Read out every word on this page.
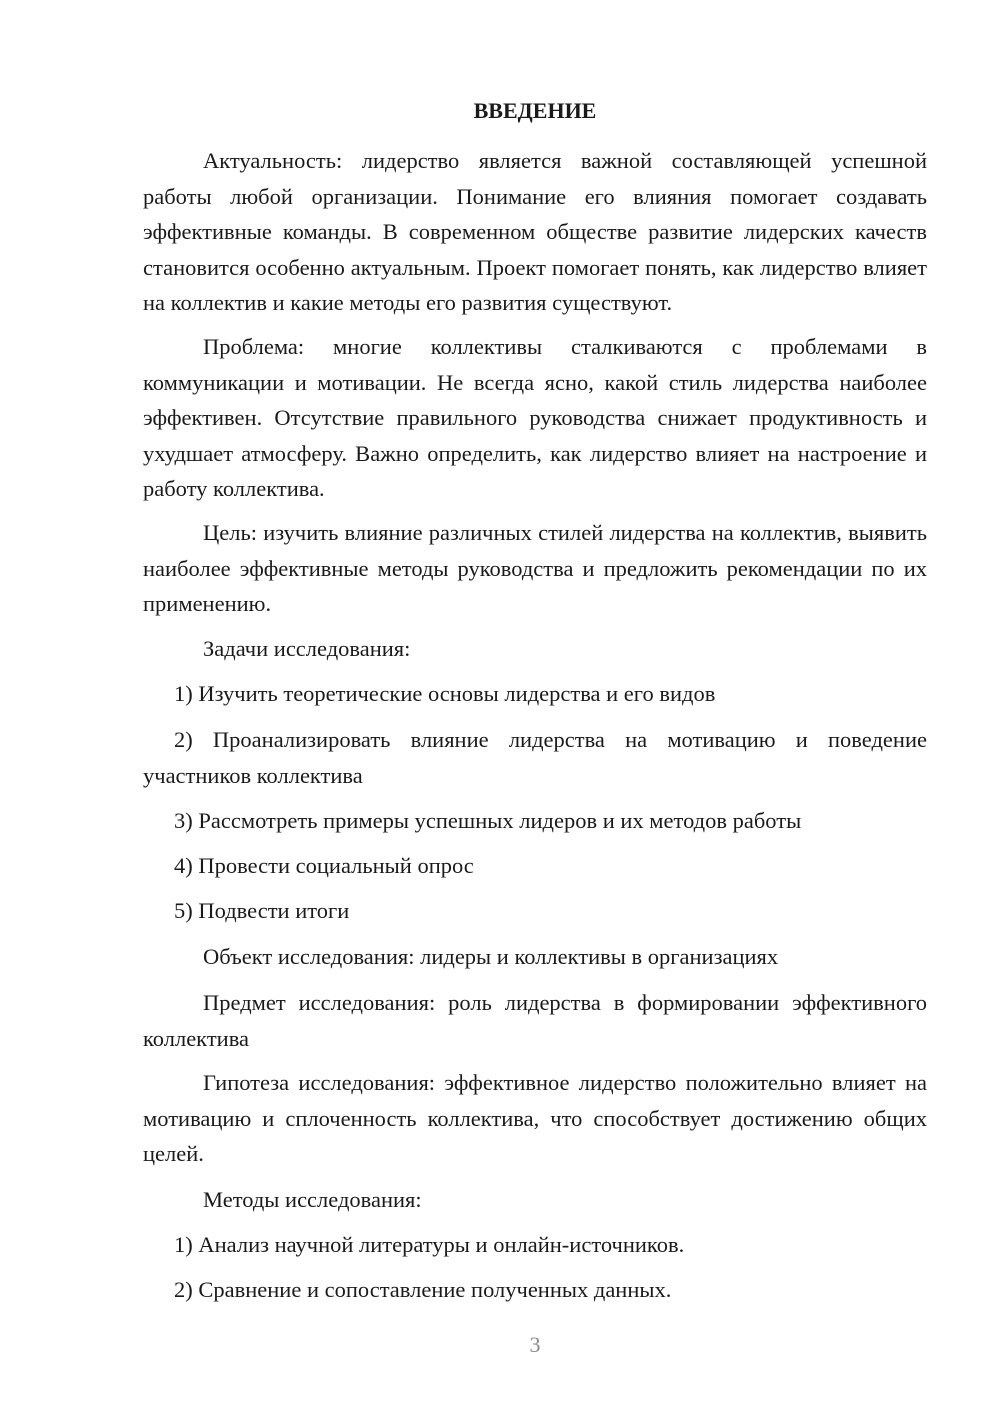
ВВЕДЕНИЕ

Актуальность: лидерство является важной составляющей успешной работы любой организации. Понимание его влияния помогает создавать эффективные команды. В современном обществе развитие лидерских качеств становится особенно актуальным. Проект помогает понять, как лидерство влияет на коллектив и какие методы его развития существуют.

Проблема: многие коллективы сталкиваются с проблемами в коммуникации и мотивации. Не всегда ясно, какой стиль лидерства наиболее эффективен. Отсутствие правильного руководства снижает продуктивность и ухудшает атмосферу. Важно определить, как лидерство влияет на настроение и работу коллектива.

Цель: изучить влияние различных стилей лидерства на коллектив, выявить наиболее эффективные методы руководства и предложить рекомендации по их применению.

Задачи исследования:

1) Изучить теоретические основы лидерства и его видов

2) Проанализировать влияние лидерства на мотивацию и поведение участников коллектива

3) Рассмотреть примеры успешных лидеров и их методов работы

4) Провести социальный опрос

5) Подвести итоги

Объект исследования: лидеры и коллективы в организациях

Предмет исследования: роль лидерства в формировании эффективного коллектива

Гипотеза исследования: эффективное лидерство положительно влияет на мотивацию и сплоченность коллектива, что способствует достижению общих целей.

Методы исследования:

1) Анализ научной литературы и онлайн-источников.

2) Сравнение и сопоставление полученных данных.

3
